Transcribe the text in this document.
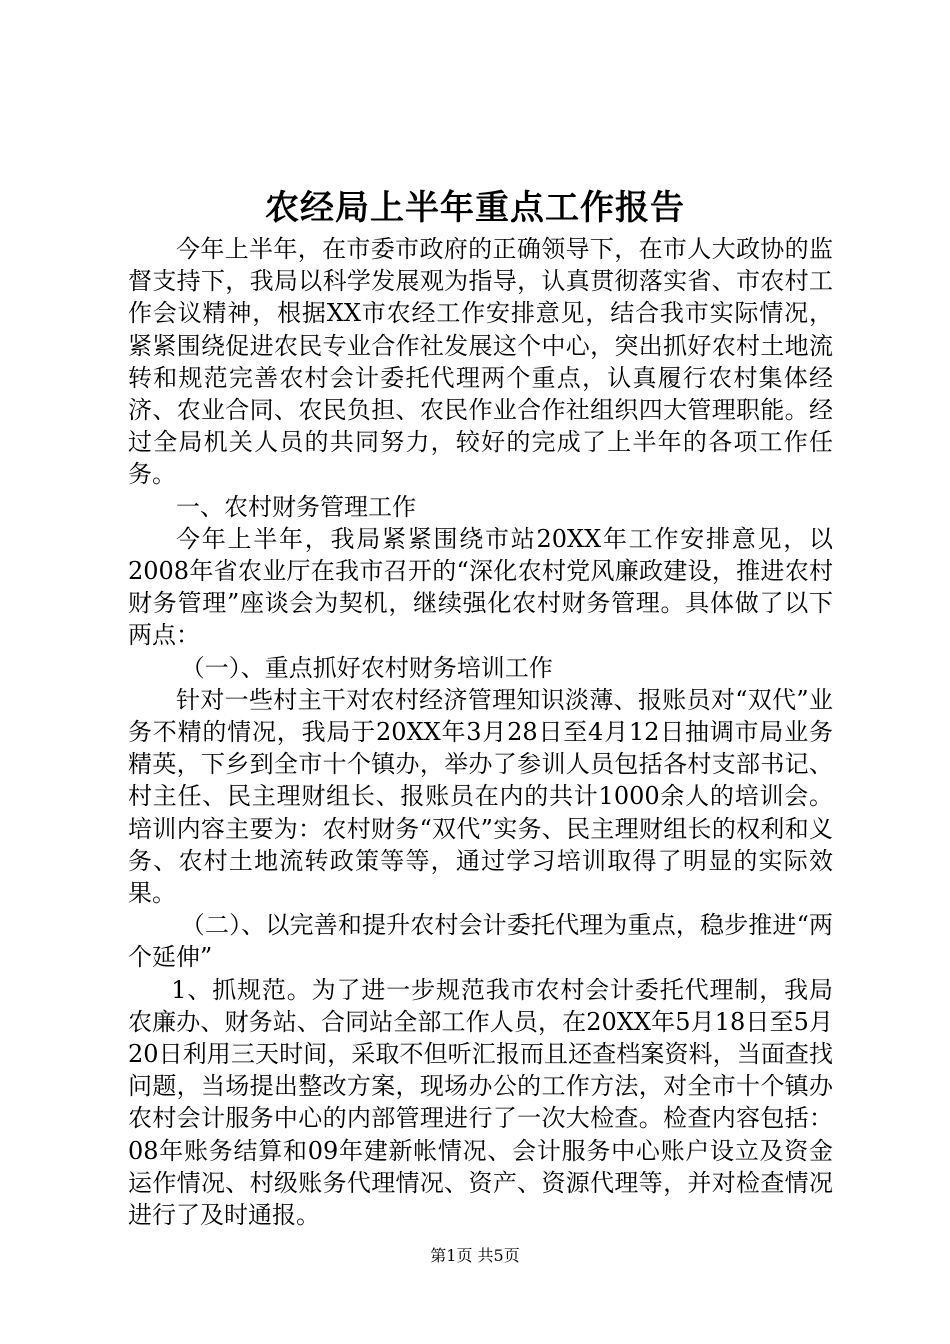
农经局上半年重点工作报告

今年上半年，在市委市政府的正确领导下，在市人大政协的监督支持下，我局以科学发展观为指导，认真贯彻落实省、市农村工作会议精神，根据XX市农经工作安排意见，结合我市实际情况，紧紧围绕促进农民专业合作社发展这个中心，突出抓好农村土地流转和规范完善农村会计委托代理两个重点，认真履行农村集体经济、农业合同、农民负担、农民作业合作社组织四大管理职能。经过全局机关人员的共同努力，较好的完成了上半年的各项工作任务。

一、农村财务管理工作

今年上半年，我局紧紧围绕市站20XX年工作安排意见，以2008年省农业厅在我市召开的“深化农村党风廉政建设，推进农村财务管理”座谈会为契机，继续强化农村财务管理。具体做了以下两点：

（一）、重点抓好农村财务培训工作

针对一些村主干对农村经济管理知识淡薄、报账员对“双代”业务不精的情况，我局于20XX年3月28日至4月12日抽调市局业务精英，下乡到全市十个镇办，举办了参训人员包括各村支部书记、村主任、民主理财组长、报账员在内的共计1000余人的培训会。培训内容主要为：农村财务“双代”实务、民主理财组长的权利和义务、农村土地流转政策等等，通过学习培训取得了明显的实际效果。

（二）、以完善和提升农村会计委托代理为重点，稳步推进“两个延伸”

1、抓规范。为了进一步规范我市农村会计委托代理制，我局农廉办、财务站、合同站全部工作人员，在20XX年5月18日至5月20日利用三天时间，采取不但听汇报而且还查档案资料，当面查找问题，当场提出整改方案，现场办公的工作方法，对全市十个镇办农村会计服务中心的内部管理进行了一次大检查。检查内容包括：08年账务结算和09年建新帐情况、会计服务中心账户设立及资金运作情况、村级账务代理情况、资产、资源代理等，并对检查情况进行了及时通报。

第1页 共5页
